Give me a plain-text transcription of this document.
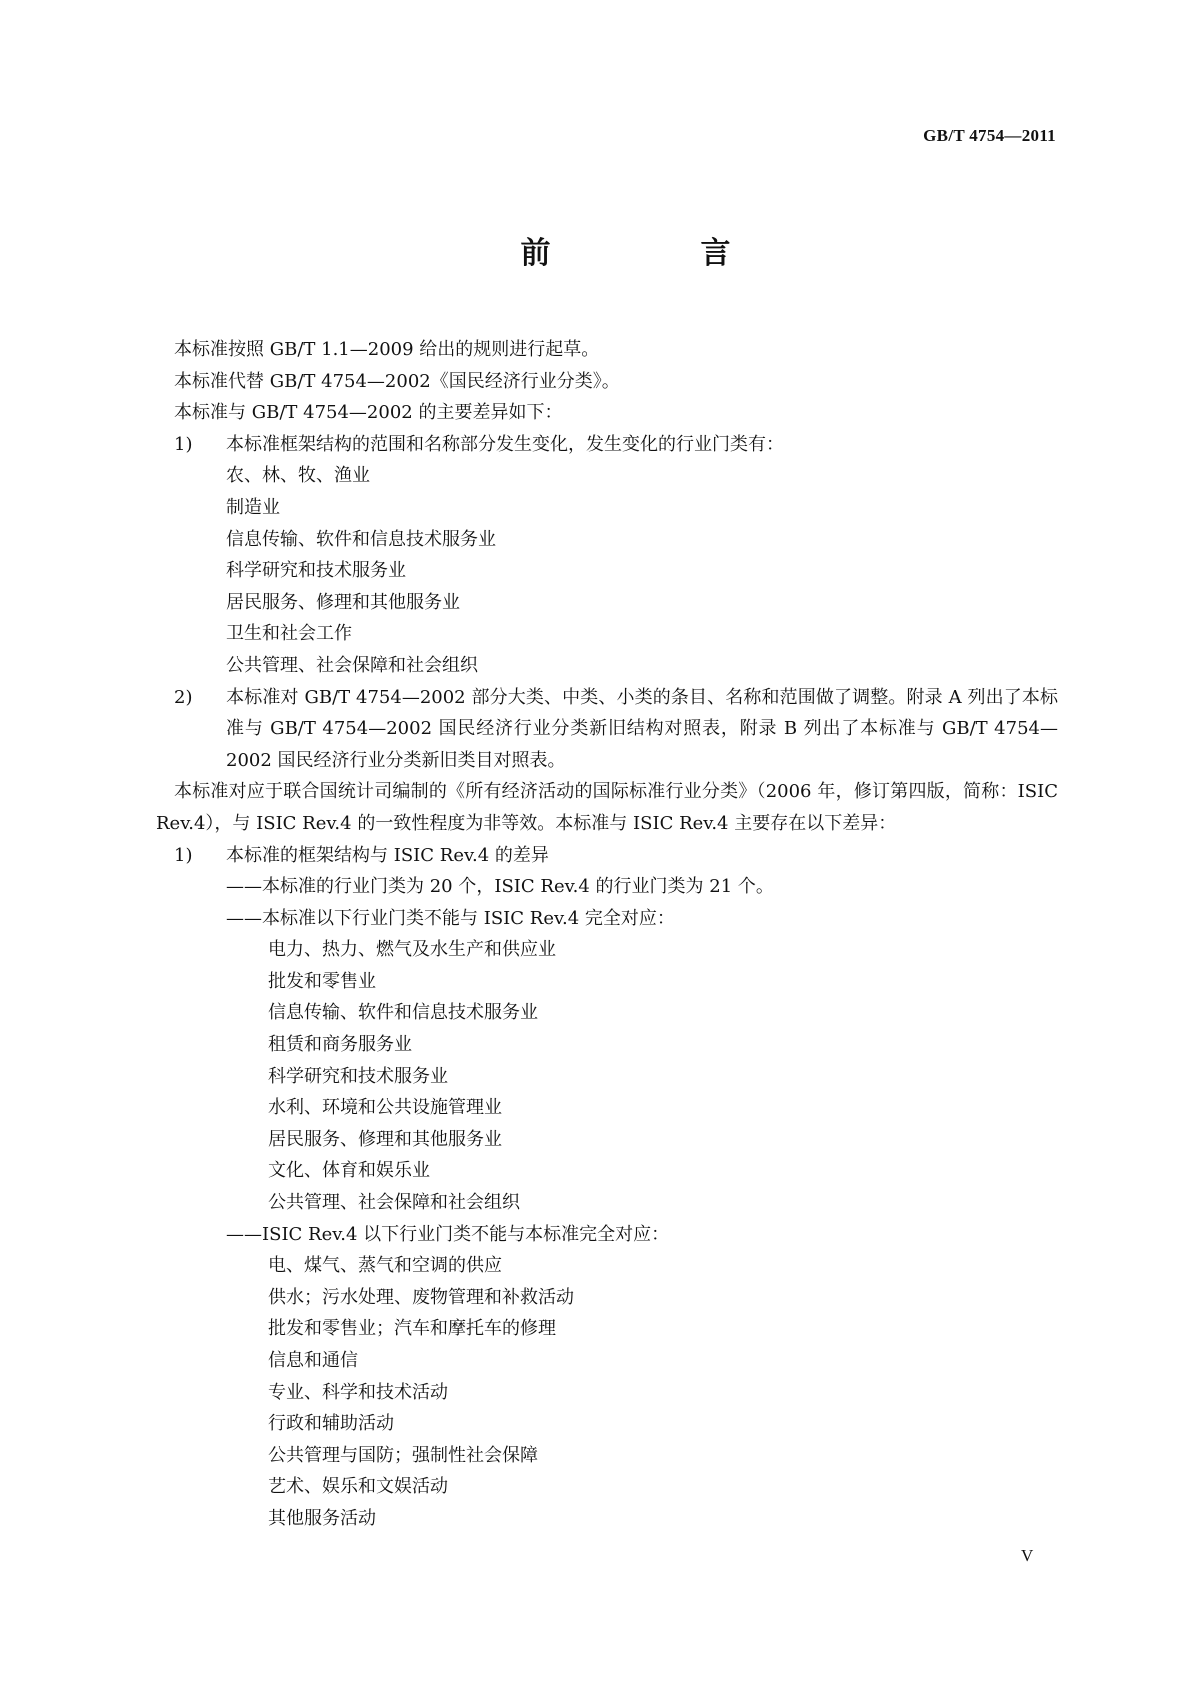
GB/T 4754—2011
前　言
本标准按照 GB/T 1.1—2009 给出的规则进行起草。
本标准代替 GB/T 4754—2002《国民经济行业分类》。
本标准与 GB/T 4754—2002 的主要差异如下：
1) 本标准框架结构的范围和名称部分发生变化，发生变化的行业门类有：
农、林、牧、渔业
制造业
信息传输、软件和信息技术服务业
科学研究和技术服务业
居民服务、修理和其他服务业
卫生和社会工作
公共管理、社会保障和社会组织
2) 本标准对 GB/T 4754—2002 部分大类、中类、小类的条目、名称和范围做了调整。附录 A 列出了本标准与 GB/T 4754—2002 国民经济行业分类新旧结构对照表，附录 B 列出了本标准与 GB/T 4754—2002 国民经济行业分类新旧类目对照表。
本标准对应于联合国统计司编制的《所有经济活动的国际标准行业分类》（2006 年，修订第四版，简称：ISIC Rev.4），与 ISIC Rev.4 的一致性程度为非等效。本标准与 ISIC Rev.4 主要存在以下差异：
1) 本标准的框架结构与 ISIC Rev.4 的差异
——本标准的行业门类为 20 个，ISIC Rev.4 的行业门类为 21 个。
——本标准以下行业门类不能与 ISIC Rev.4 完全对应：
电力、热力、燃气及水生产和供应业
批发和零售业
信息传输、软件和信息技术服务业
租赁和商务服务业
科学研究和技术服务业
水利、环境和公共设施管理业
居民服务、修理和其他服务业
文化、体育和娱乐业
公共管理、社会保障和社会组织
——ISIC Rev.4 以下行业门类不能与本标准完全对应：
电、煤气、蒸气和空调的供应
供水；污水处理、废物管理和补救活动
批发和零售业；汽车和摩托车的修理
信息和通信
专业、科学和技术活动
行政和辅助活动
公共管理与国防；强制性社会保障
艺术、娱乐和文娱活动
其他服务活动
V
